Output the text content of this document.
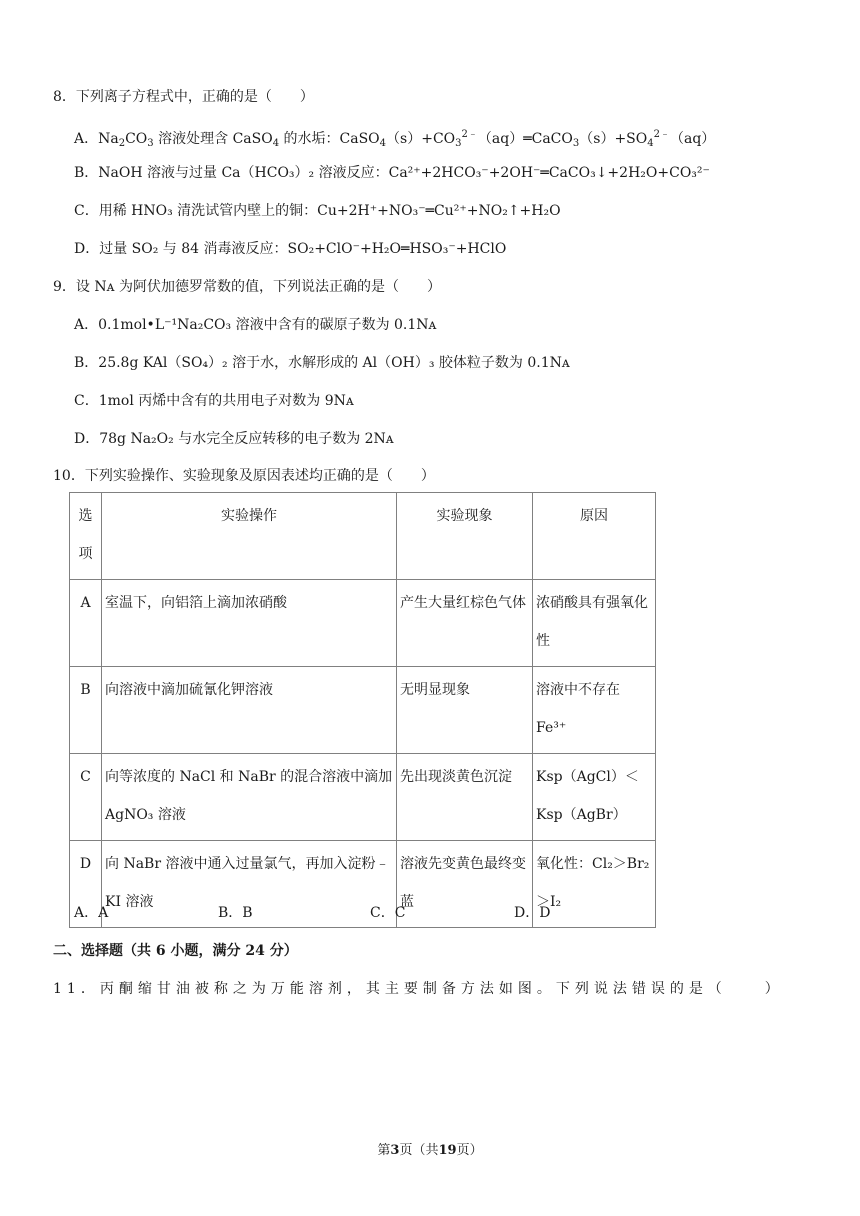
8．下列离子方程式中，正确的是（　　）
A．$Na_2CO_3$ 溶液处理含 CaSO$_4$ 的水垢：$CaSO_4(s)+CO_3^{2﹣}(aq)═CaCO_3(s)+SO_4^{2﹣}(aq)$
B．NaOH 溶液与过量 Ca（HCO₃）₂ 溶液反应：Ca²⁺+2HCO₃⁻+2OH⁻═CaCO₃↓+2H₂O+CO₃²⁻
C．用稀 HNO₃ 清洗试管内壁上的铜：Cu+2H⁺+NO₃⁻═Cu²⁺+NO₂↑+H₂O
D．过量 SO₂ 与 84 消毒液反应：SO₂+ClO⁻+H₂O═HSO₃⁻+HClO
9．设 Nᴀ 为阿伏加德罗常数的值，下列说法正确的是（　　）
A．0.1mol•L⁻¹Na₂CO₃ 溶液中含有的碳原子数为 0.1Nᴀ
B．25.8g KAl（SO₄）₂ 溶于水，水解形成的 Al（OH）₃ 胶体粒子数为 0.1Nᴀ
C．1mol 丙烯中含有的共用电子对数为 9Nᴀ
D．78g Na₂O₂ 与水完全反应转移的电子数为 2Nᴀ
10．下列实验操作、实验现象及原因表述均正确的是（　　）
选项	实验操作	实验现象	原因
A	室温下，向铝箔上滴加浓硝酸	产生大量红棕色气体	浓硝酸具有强氧化性
B	向溶液中滴加硫氰化钾溶液	无明显现象	溶液中不存在 Fe³⁺
C	向等浓度的 NaCl 和 NaBr 的混合溶液中滴加 AgNO₃ 溶液	先出现淡黄色沉淀	Ksp（AgCl）＜Ksp（AgBr）
D	向 NaBr 溶液中通入过量氯气，再加入淀粉﹣KI 溶液	溶液先变黄色最终变蓝	氧化性：Cl₂＞Br₂＞I₂
A．A	B．B	C．C	D．D
二、选择题（共 6 小题，满分 24 分）
11．丙酮缩甘油被称之为万能溶剂，其主要制备方法如图。下列说法错误的是（　　）
第3页（共19页）
